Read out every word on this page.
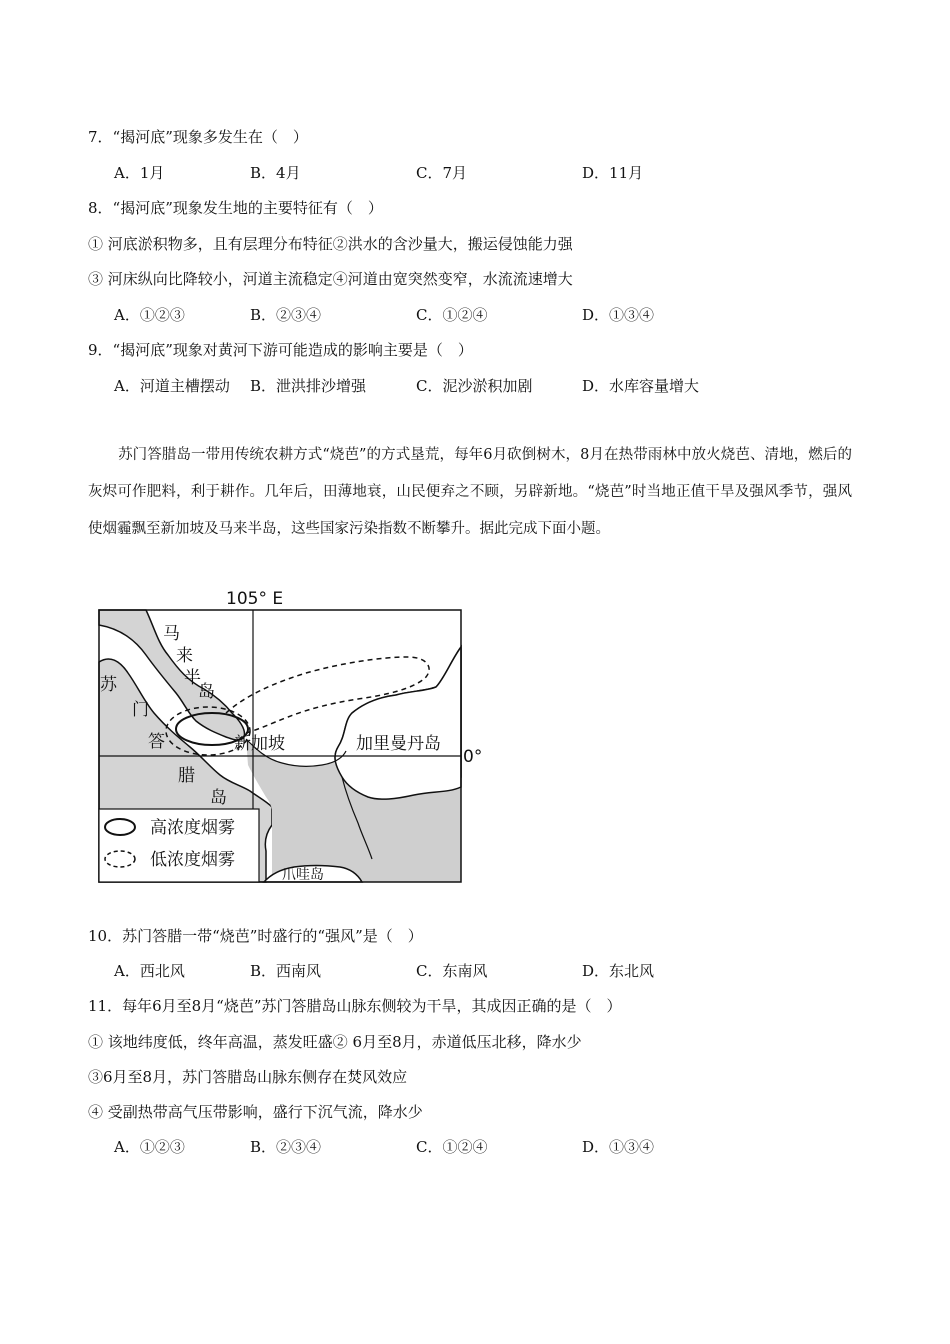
7．“揭河底”现象多发生在（　）
A．1月	B．4月	C．7月	D．11月
8．“揭河底”现象发生地的主要特征有（　）
① 河底淤积物多，且有层理分布特征②洪水的含沙量大，搬运侵蚀能力强
③ 河床纵向比降较小，河道主流稳定④河道由宽突然变窄，水流流速增大
A．①②③	B．②③④	C．①②④	D．①③④
9．“揭河底”现象对黄河下游可能造成的影响主要是（　）
A．河道主槽摆动 B．泄洪排沙增强	C．泥沙淤积加剧	D．水库容量增大
苏门答腊岛一带用传统农耕方式“烧芭”的方式垦荒，每年6月砍倒树木，8月在热带雨林中放火烧芭、清地，燃后的灰烬可作肥料，利于耕作。几年后，田薄地衰，山民便弃之不顾，另辟新地。“烧芭”时当地正值干旱及强风季节，强风使烟霾飘至新加坡及马来半岛，这些国家污染指数不断攀升。据此完成下面小题。
高浓度烟雾
低浓度烟雾
105° E
0°
马
来
半
岛
苏
门
答
腊
岛
新加坡	加里曼丹岛
爪哇岛
10．苏门答腊一带“烧芭”时盛行的“强风”是（　）
A．西北风	B．西南风	C．东南风	D．东北风
11．每年6月至8月“烧芭”苏门答腊岛山脉东侧较为干旱，其成因正确的是（　）
① 该地纬度低，终年高温，蒸发旺盛② 6月至8月，赤道低压北移，降水少
③6月至8月，苏门答腊岛山脉东侧存在焚风效应
④ 受副热带高气压带影响，盛行下沉气流，降水少
A．①②③	B．②③④	C．①②④	D．①③④
